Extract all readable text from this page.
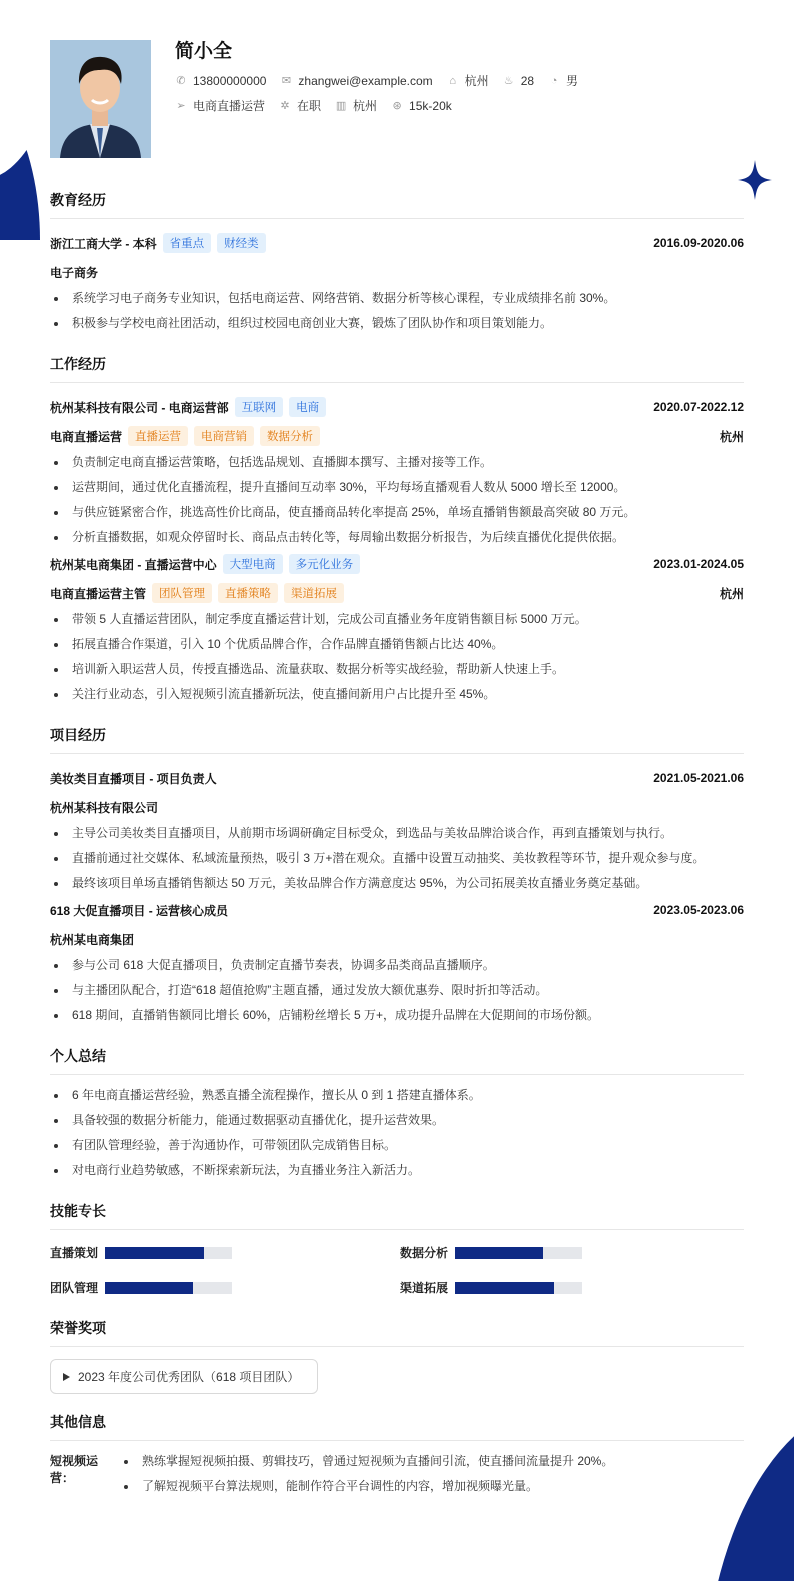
简小全
✆ 13800000000 ✉ zhangwei@example.com ⌂ 杭州 ♨ 28 ◔ 男
➢ 电商直播运营 ✲ 在职 ▥ 杭州 ⊛ 15k-20k
教育经历
浙江工商大学 - 本科	省重点	财经类	2016.09-2020.06
电子商务
系统学习电子商务专业知识，包括电商运营、网络营销、数据分析等核心课程，专业成绩排名前 30%。
积极参与学校电商社团活动，组织过校园电商创业大赛，锻炼了团队协作和项目策划能力。
工作经历
杭州某科技有限公司 - 电商运营部	互联网	电商	2020.07-2022.12
电商直播运营	直播运营	电商营销	数据分析	杭州
负责制定电商直播运营策略，包括选品规划、直播脚本撰写、主播对接等工作。
运营期间，通过优化直播流程，提升直播间互动率 30%，平均每场直播观看人数从 5000 增长至 12000。
与供应链紧密合作，挑选高性价比商品，使直播商品转化率提高 25%，单场直播销售额最高突破 80 万元。
分析直播数据，如观众停留时长、商品点击转化等，每周输出数据分析报告，为后续直播优化提供依据。
杭州某电商集团 - 直播运营中心	大型电商	多元化业务	2023.01-2024.05
电商直播运营主管	团队管理	直播策略	渠道拓展	杭州
带领 5 人直播运营团队，制定季度直播运营计划，完成公司直播业务年度销售额目标 5000 万元。
拓展直播合作渠道，引入 10 个优质品牌合作，合作品牌直播销售额占比达 40%。
培训新入职运营人员，传授直播选品、流量获取、数据分析等实战经验，帮助新人快速上手。
关注行业动态，引入短视频引流直播新玩法，使直播间新用户占比提升至 45%。
项目经历
美妆类目直播项目 - 项目负责人	2021.05-2021.06
杭州某科技有限公司
主导公司美妆类目直播项目，从前期市场调研确定目标受众，到选品与美妆品牌洽谈合作，再到直播策划与执行。
直播前通过社交媒体、私域流量预热，吸引 3 万+潜在观众。直播中设置互动抽奖、美妆教程等环节，提升观众参与度。
最终该项目单场直播销售额达 50 万元，美妆品牌合作方满意度达 95%，为公司拓展美妆直播业务奠定基础。
618 大促直播项目 - 运营核心成员	2023.05-2023.06
杭州某电商集团
参与公司 618 大促直播项目，负责制定直播节奏表，协调多品类商品直播顺序。
与主播团队配合，打造“618 超值抢购”主题直播，通过发放大额优惠券、限时折扣等活动。
618 期间，直播销售额同比增长 60%，店铺粉丝增长 5 万+，成功提升品牌在大促期间的市场份额。
个人总结
6 年电商直播运营经验，熟悉直播全流程操作，擅长从 0 到 1 搭建直播体系。
具备较强的数据分析能力，能通过数据驱动直播优化，提升运营效果。
有团队管理经验，善于沟通协作，可带领团队完成销售目标。
对电商行业趋势敏感，不断探索新玩法，为直播业务注入新活力。
技能专长
直播策划	数据分析
团队管理	渠道拓展
荣誉奖项
2023 年度公司优秀团队（618 项目团队）
其他信息
短视频运营：
熟练掌握短视频拍摄、剪辑技巧，曾通过短视频为直播间引流，使直播间流量提升 20%。
了解短视频平台算法规则，能制作符合平台调性的内容，增加视频曝光量。
